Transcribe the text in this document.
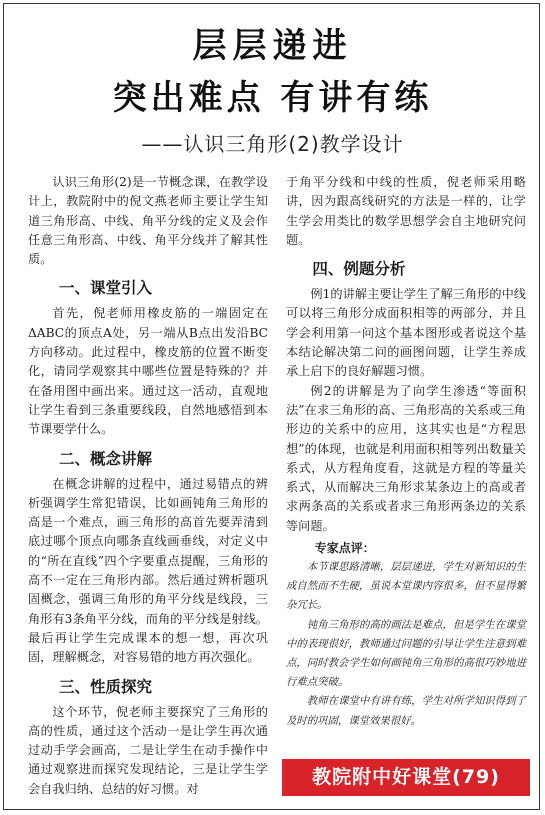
层层递进
突出难点 有讲有练
——认识三角形(2)教学设计

认识三角形(2)是一节概念课，在教学设计上，教院附中的倪文燕老师主要让学生知道三角形高、中线、角平分线的定义及会作任意三角形高、中线、角平分线并了解其性质。

一、课堂引入

首先，倪老师用橡皮筋的一端固定在ΔABC的顶点A处，另一端从B点出发沿BC方向移动。此过程中，橡皮筋的位置不断变化，请同学观察其中哪些位置是特殊的？并在备用图中画出来。通过这一活动，直观地让学生看到三条重要线段，自然地感悟到本节课要学什么。

二、概念讲解

在概念讲解的过程中，通过易错点的辨析强调学生常犯错误，比如画钝角三角形的高是一个难点，画三角形的高首先要弄清到底过哪个顶点向哪条直线画垂线，对定义中的“所在直线”四个字要重点提醒，三角形的高不一定在三角形内部。然后通过辨析题巩固概念，强调三角形的角平分线是线段，三角形有3条角平分线，而角的平分线是射线。最后再让学生完成课本的想一想，再次巩固，理解概念，对容易错的地方再次强化。

三、性质探究

这个环节，倪老师主要探究了三角形的高的性质，通过这个活动一是让学生再次通过动手学会画高，二是让学生在动手操作中通过观察进而探究发现结论，三是让学生学会自我归纳、总结的好习惯。对

于角平分线和中线的性质，倪老师采用略讲，因为跟高线研究的方法是一样的，让学生学会用类比的数学思想学会自主地研究问题。

四、例题分析

例1的讲解主要让学生了解三角形的中线可以将三角形分成面积相等的两部分，并且学会利用第一问这个基本图形或者说这个基本结论解决第二问的画图问题，让学生养成承上启下的良好解题习惯。

例2的讲解是为了向学生渗透“等面积法”在求三角形的高、三角形高的关系或三角形边的关系中的应用，这其实也是“方程思想”的体现，也就是利用面积相等列出数量关系式，从方程角度看，这就是方程的等量关系式，从而解决三角形求某条边上的高或者求两条高的关系或者求三角形两条边的关系等问题。

专家点评：

本节课思路清晰，层层递进，学生对新知识的生成自然而不生硬，虽说本堂课内容很多，但不显得繁杂冗长。

钝角三角形的高的画法是难点，但是学生在课堂中的表现很好，教师通过问题的引导让学生注意到难点，同时教会学生如何画钝角三角形的高很巧妙地进行难点突破。

教师在课堂中有讲有练，学生对所学知识得到了及时的巩固，课堂效果很好。

教院附中好课堂(79)
